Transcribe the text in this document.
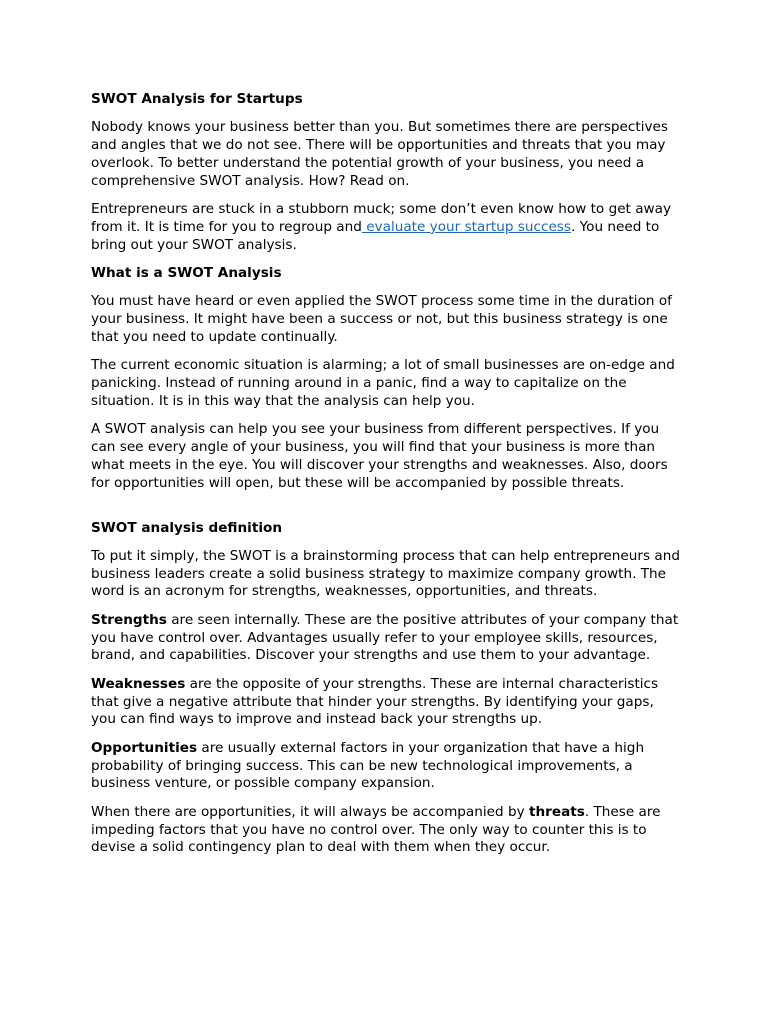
SWOT Analysis for Startups

Nobody knows your business better than you. But sometimes there are perspectives and angles that we do not see. There will be opportunities and threats that you may overlook. To better understand the potential growth of your business, you need a comprehensive SWOT analysis. How? Read on.

Entrepreneurs are stuck in a stubborn muck; some don’t even know how to get away from it. It is time for you to regroup and evaluate your startup success. You need to bring out your SWOT analysis.

What is a SWOT Analysis

You must have heard or even applied the SWOT process some time in the duration of your business. It might have been a success or not, but this business strategy is one that you need to update continually.

The current economic situation is alarming; a lot of small businesses are on-edge and panicking. Instead of running around in a panic, find a way to capitalize on the situation. It is in this way that the analysis can help you.

A SWOT analysis can help you see your business from different perspectives. If you can see every angle of your business, you will find that your business is more than what meets in the eye. You will discover your strengths and weaknesses. Also, doors for opportunities will open, but these will be accompanied by possible threats.

SWOT analysis definition

To put it simply, the SWOT is a brainstorming process that can help entrepreneurs and business leaders create a solid business strategy to maximize company growth. The word is an acronym for strengths, weaknesses, opportunities, and threats.

Strengths are seen internally. These are the positive attributes of your company that you have control over. Advantages usually refer to your employee skills, resources, brand, and capabilities. Discover your strengths and use them to your advantage.

Weaknesses are the opposite of your strengths. These are internal characteristics that give a negative attribute that hinder your strengths. By identifying your gaps, you can find ways to improve and instead back your strengths up.

Opportunities are usually external factors in your organization that have a high probability of bringing success. This can be new technological improvements, a business venture, or possible company expansion.

When there are opportunities, it will always be accompanied by threats. These are impeding factors that you have no control over. The only way to counter this is to devise a solid contingency plan to deal with them when they occur.
